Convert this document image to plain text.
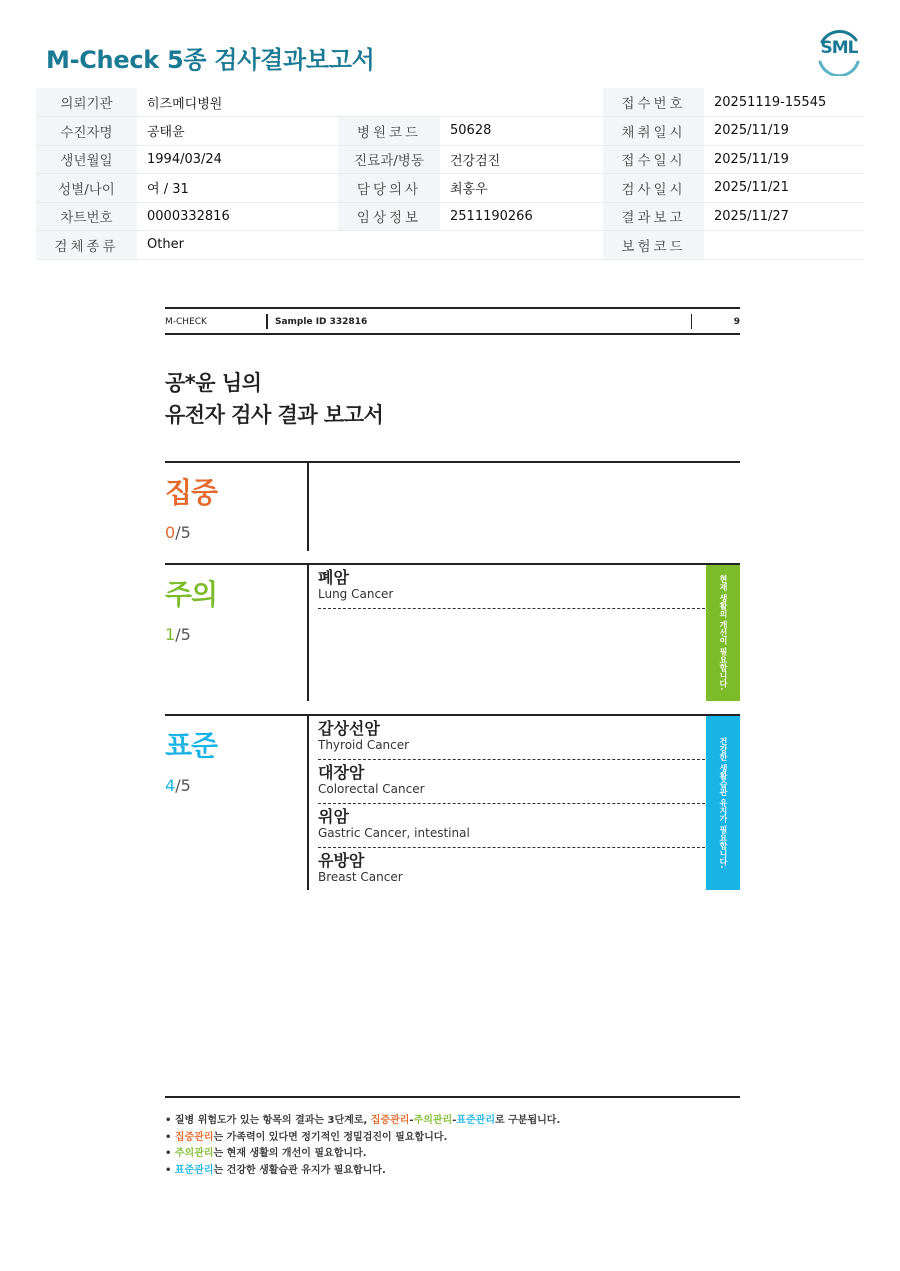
M-Check 5종 검사결과보고서	SML
의뢰기관	히즈메디병원			접수번호	20251119-15545
수진자명	공태윤	병원코드	50628	채취일시	2025/11/19
생년월일	1994/03/24	진료과/병동	건강검진	접수일시	2025/11/19
성별/나이	여 / 31	담당의사	최홍우	검사일시	2025/11/21
차트번호	0000332816	임상정보	2511190266	결과보고	2025/11/27
검체종류	Other			보험코드	
M-CHECK	Sample ID 332816	9
공*윤 님의
유전자 검사 결과 보고서
집중
0/5
주의
1/5
폐암
Lung Cancer	현재 생활의 개선이 필요합니다.
표준
4/5
갑상선암
Thyroid Cancer
대장암
Colorectal Cancer
위암
Gastric Cancer, intestinal
유방암
Breast Cancer
건강한 생활습관 유지가 필요합니다.
• 질병 위험도가 있는 항목의 결과는 3단계로, 집중관리-주의관리-표준관리로 구분됩니다.
• 집중관리는 가족력이 있다면 정기적인 정밀검진이 필요합니다.
• 주의관리는 현재 생활의 개선이 필요합니다.
• 표준관리는 건강한 생활습관 유지가 필요합니다.
